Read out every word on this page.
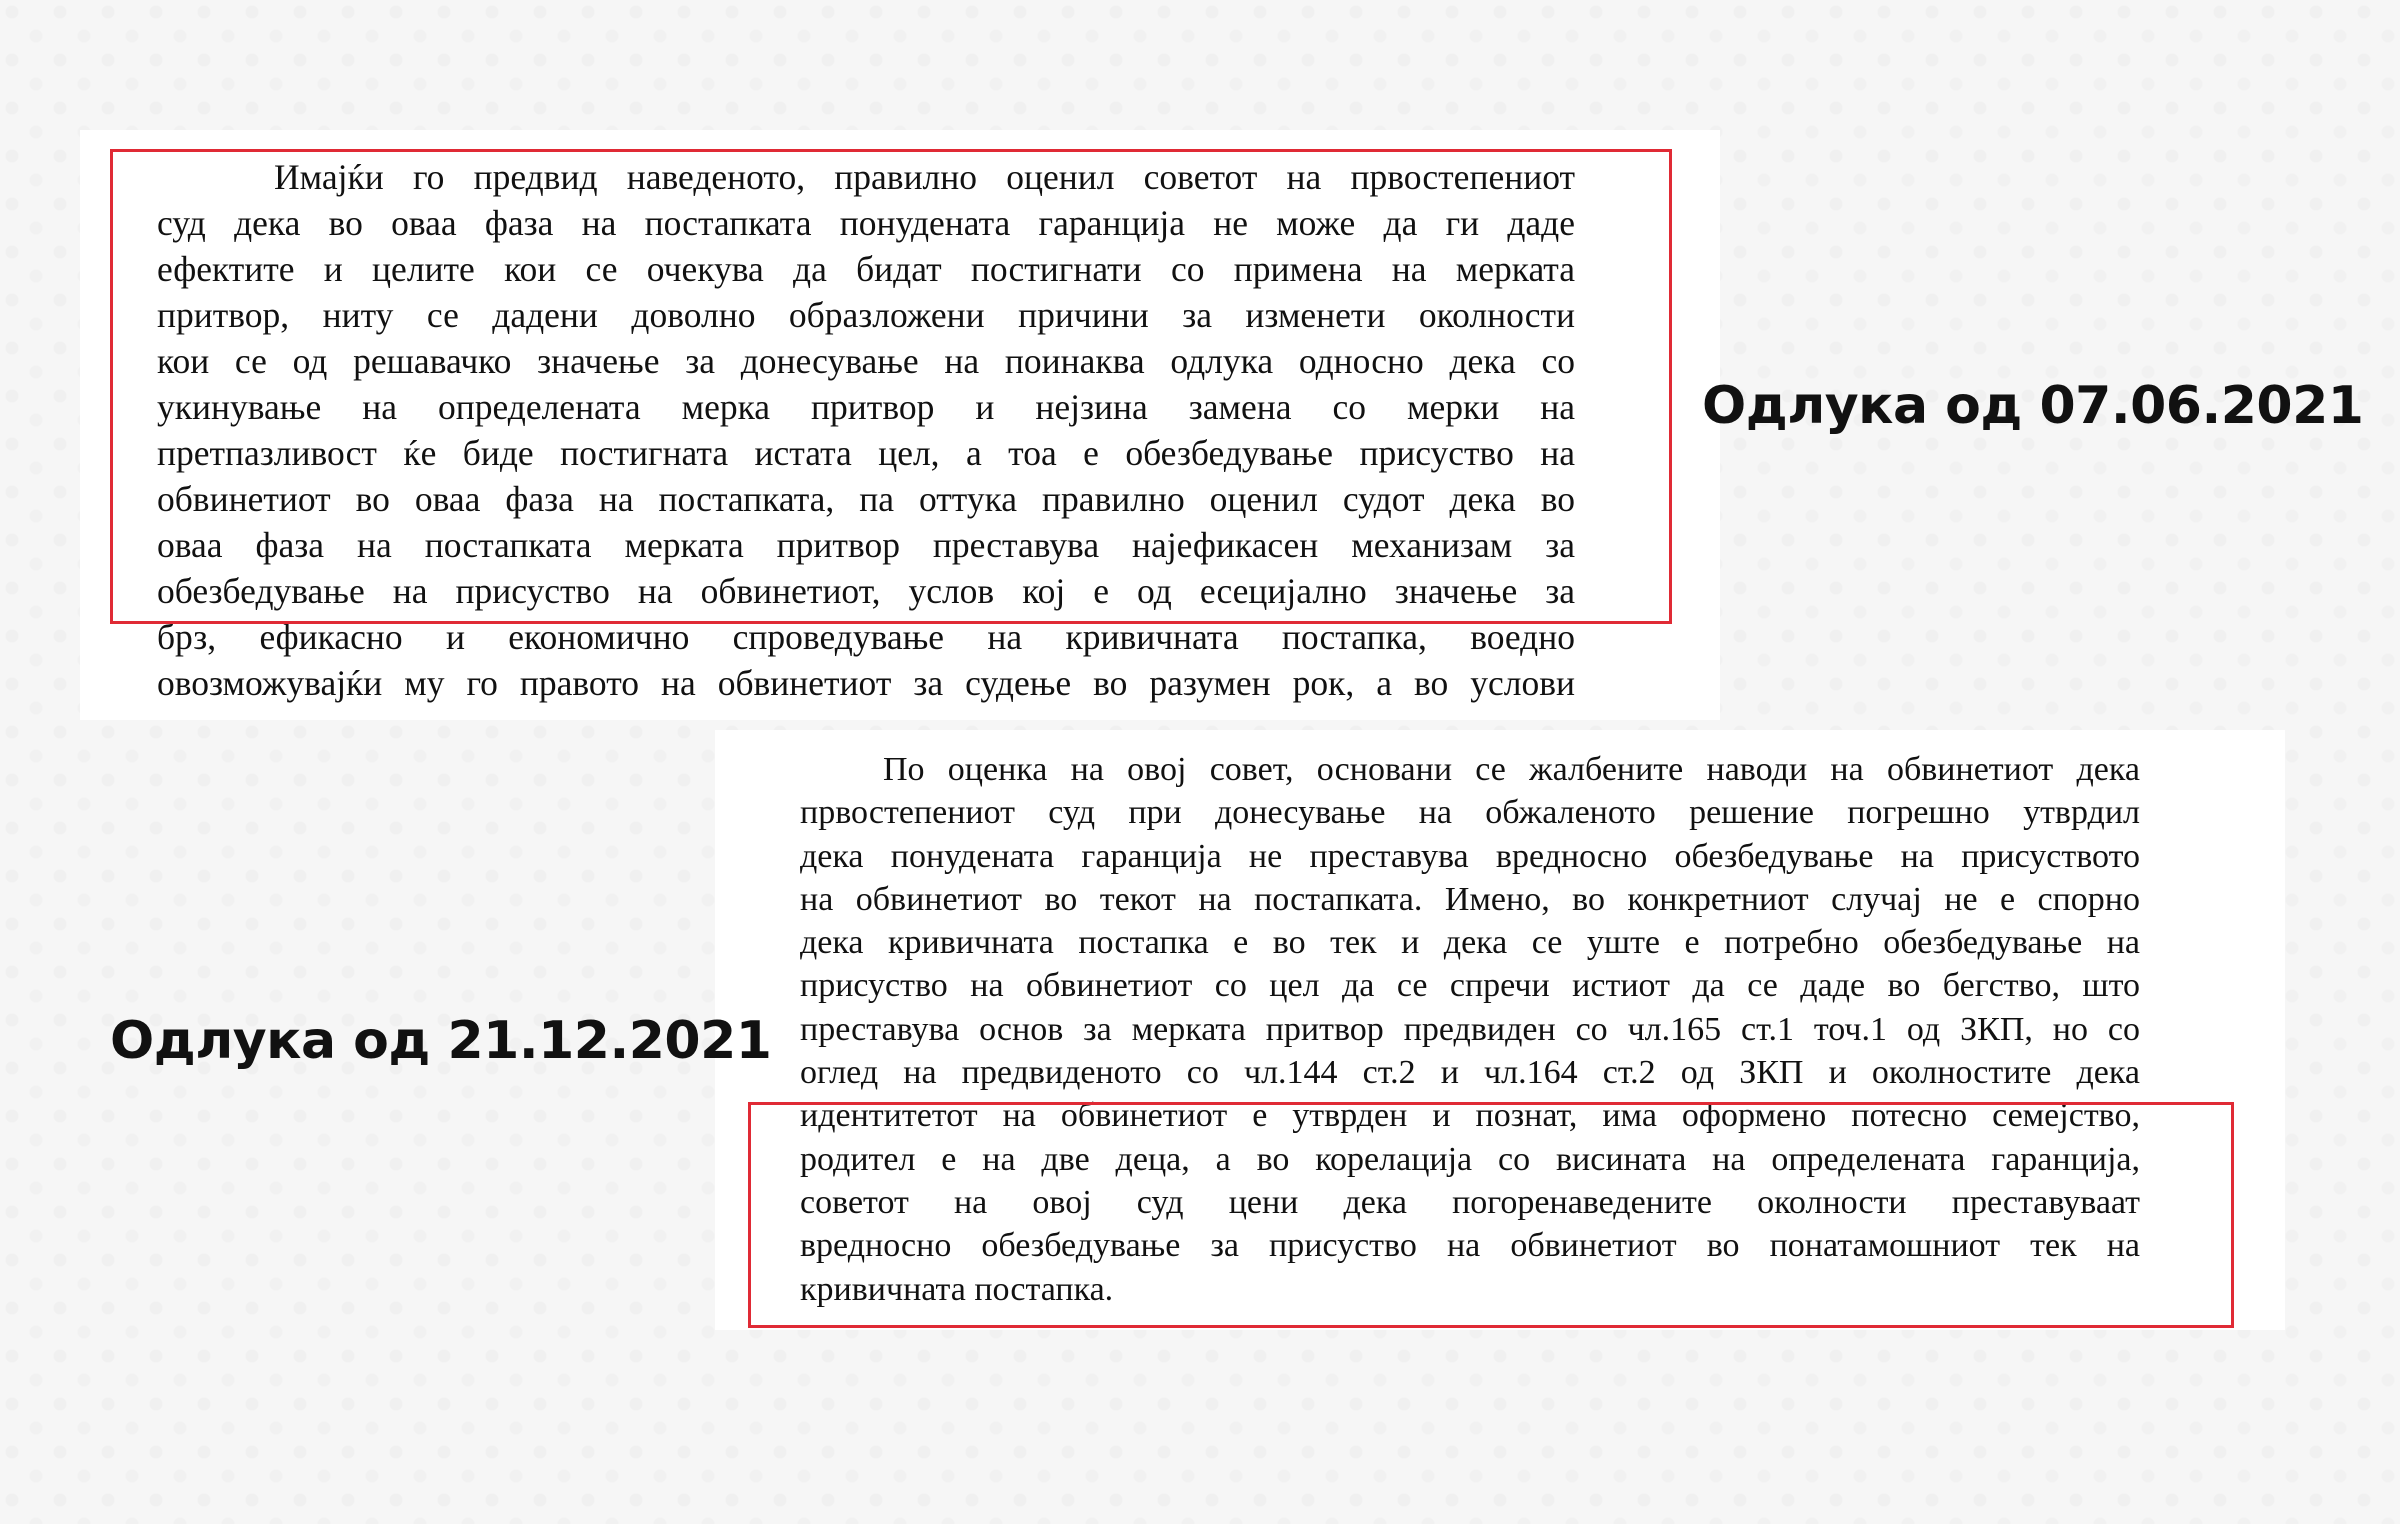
Имајќи го предвид наведеното, правилно оценил советот на првостепениот
суд дека во оваа фаза на постапката понудената гаранција не може да ги даде
ефектите и целите кои се очекува да бидат постигнати со примена на мерката
притвор, ниту се дадени доволно образложени причини за изменети околности
кои се од решавачко значење за донесување на поинаква одлука односно дека со
укинување на определената мерка притвор и нејзина замена со мерки на
претпазливост ќе биде постигната истата цел, а тоа е обезбедување присуство на
обвинетиот во оваа фаза на постапката, па оттука правилно оценил судот дека во
оваа фаза на постапката мерката притвор преставува најефикасен механизам за
обезбедување на присуство на обвинетиот, услов кој е од есецијално значење за
брз, ефикасно и економично спроведување на кривичната постапка, воедно
овозможувајќи му го правото на обвинетиот за судење во разумен рок, а во услови
Одлука од 07.06.2021
По оценка на овој совет, основани се жалбените наводи на обвинетиот дека
првостепениот суд при донесување на обжаленото решение погрешно утврдил
дека понудената гаранција не преставува вредносно обезбедување на присуството
на обвинетиот во текот на постапката. Имено, во конкретниот случај не е спорно
дека кривичната постапка е во тек и дека се уште е потребно обезбедување на
присуство на обвинетиот со цел да се спречи истиот да се даде во бегство, што
преставува основ за мерката притвор предвиден со чл.165 ст.1 точ.1 од ЗКП, но со
оглед на предвиденото со чл.144 ст.2 и чл.164 ст.2 од ЗКП и околностите дека
идентитетот на обвинетиот е утврден и познат, има оформено потесно семејство,
родител е на две деца, а во корелација со висината на определената гаранција,
советот на овој суд цени дека погоренаведените околности преставуваат
вредносно обезбедување за присуство на обвинетиот во понатамошниот тек на
кривичната постапка.
Одлука од 21.12.2021
